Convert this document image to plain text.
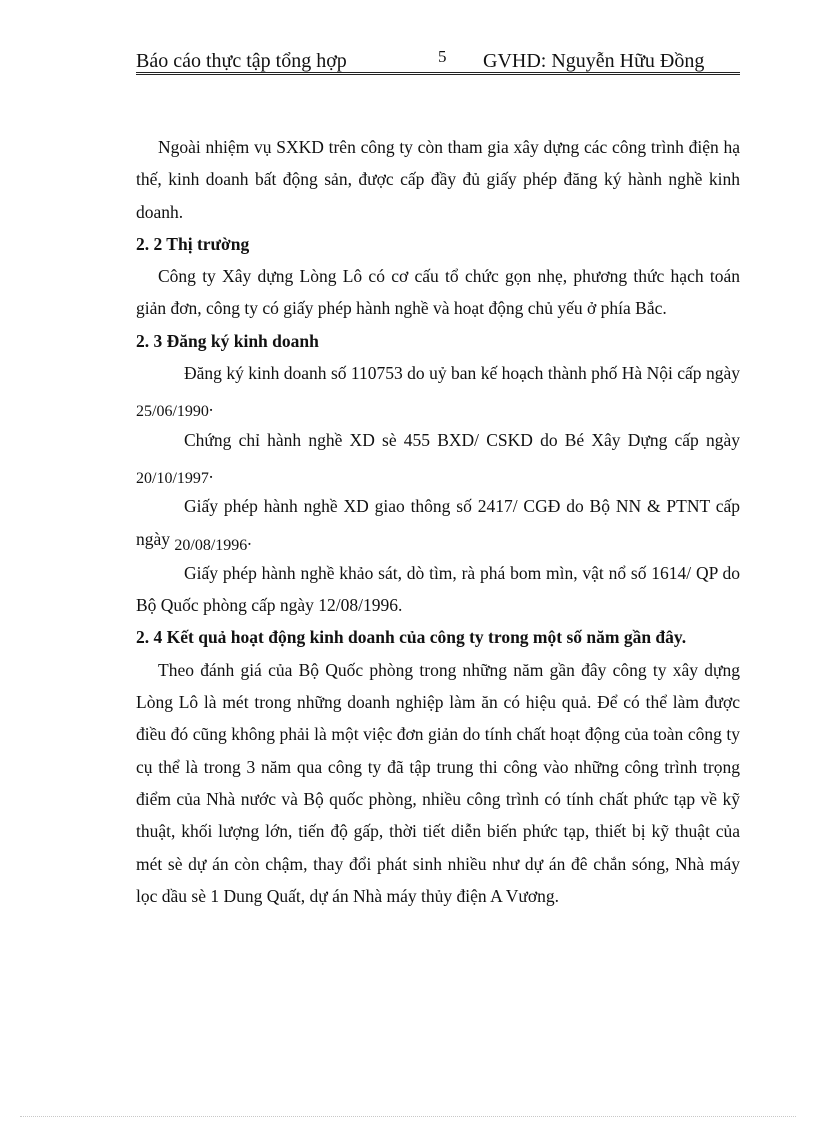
Báo cáo thực tập tổng hợp	5 GVHD: Nguyễn Hữu Đồng

Ngoài nhiệm vụ SXKD trên công ty còn tham gia xây dựng các công trình điện hạ thế, kinh doanh bất động sản, được cấp đầy đủ giấy phép đăng ký hành nghề kinh doanh.

2. 2 Thị trường

Công ty Xây dựng Lòng Lô có cơ cấu tổ chức gọn nhẹ, phương thức hạch toán giản đơn, công ty có giấy phép hành nghề và hoạt động chủ yếu ở phía Bắc.

2. 3 Đăng ký kinh doanh

Đăng ký kinh doanh số 110753 do uỷ ban kế hoạch thành phố Hà Nội cấp ngày 25/06/1990.

Chứng chỉ hành nghề XD sè 455 BXD/ CSKD do Bé Xây Dựng cấp ngày 20/10/1997.

Giấy phép hành nghề XD giao thông số 2417/ CGĐ do Bộ NN & PTNT cấp ngày 20/08/1996.

Giấy phép hành nghề khảo sát, dò tìm, rà phá bom mìn, vật nổ số 1614/ QP do Bộ Quốc phòng cấp ngày 12/08/1996.

2. 4 Kết quả hoạt động kinh doanh của công ty trong một số năm gần đây.

Theo đánh giá của Bộ Quốc phòng trong những năm gần đây công ty xây dựng Lòng Lô là mét trong những doanh nghiệp làm ăn có hiệu quả. Để có thể làm được điều đó cũng không phải là một việc đơn giản do tính chất hoạt động của toàn công ty cụ thể là trong 3 năm qua công ty đã tập trung thi công vào những công trình trọng điểm của Nhà nước và Bộ quốc phòng, nhiều công trình có tính chất phức tạp về kỹ thuật, khối lượng lớn, tiến độ gấp, thời tiết diễn biến phức tạp, thiết bị kỹ thuật của mét sè dự án còn chậm, thay đổi phát sinh nhiều như dự án đê chắn sóng, Nhà máy lọc dầu sè 1 Dung Quất, dự án Nhà máy thủy điện A Vương.
